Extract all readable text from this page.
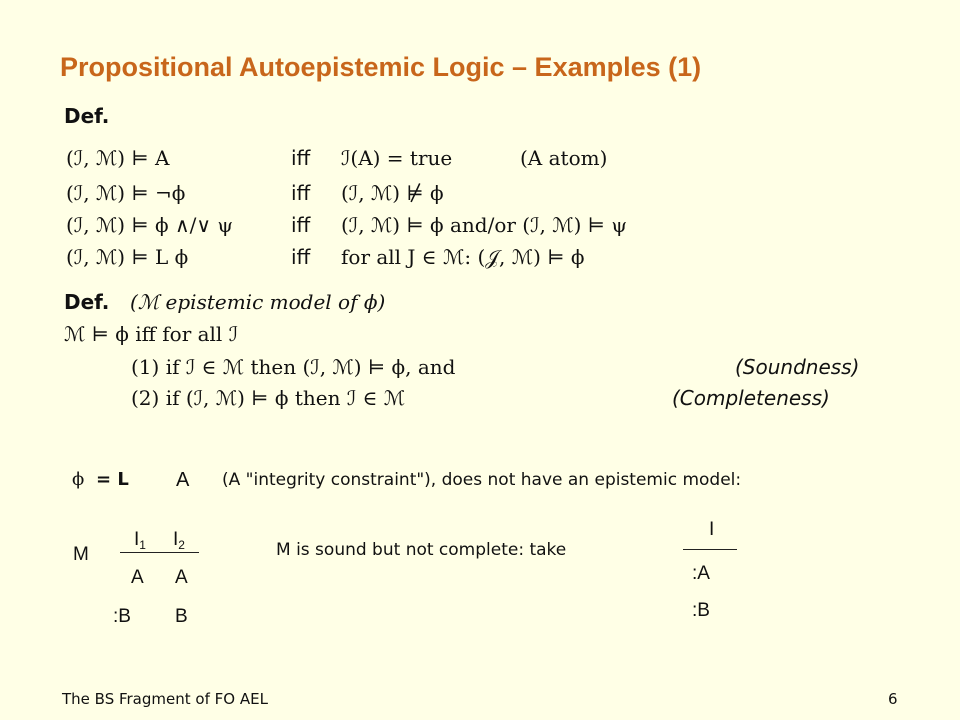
Propositional Autoepistemic Logic – Examples (1)
Def.
(ℐ, ℳ) ⊨ A	iff ℐ(A) = true	(A atom)
(ℐ, ℳ) ⊨ ¬ϕ	iff (ℐ, ℳ) ⊭ ϕ
(ℐ, ℳ) ⊨ ϕ ∧/∨ ψ	iff (ℐ, ℳ) ⊨ ϕ and/or (ℐ, ℳ) ⊨ ψ
(ℐ, ℳ) ⊨ L ϕ	iff for all J ∈ ℳ: (𝒥, ℳ) ⊨ ϕ
Def. (ℳ epistemic model of ϕ)
ℳ ⊨ ϕ iff for all ℐ
(1) if ℐ ∈ ℳ then (ℐ, ℳ) ⊨ ϕ, and	(Soundness)
(2) if (ℐ, ℳ) ⊨ ϕ then ℐ ∈ ℳ	(Completeness)
ϕ = L A (A "integrity constraint"), does not have an epistemic model:
M
$I_1$ $I_2$
A A
:B B
M is sound but not complete: take
I
:A
:B
The BS Fragment of FO AEL	6
